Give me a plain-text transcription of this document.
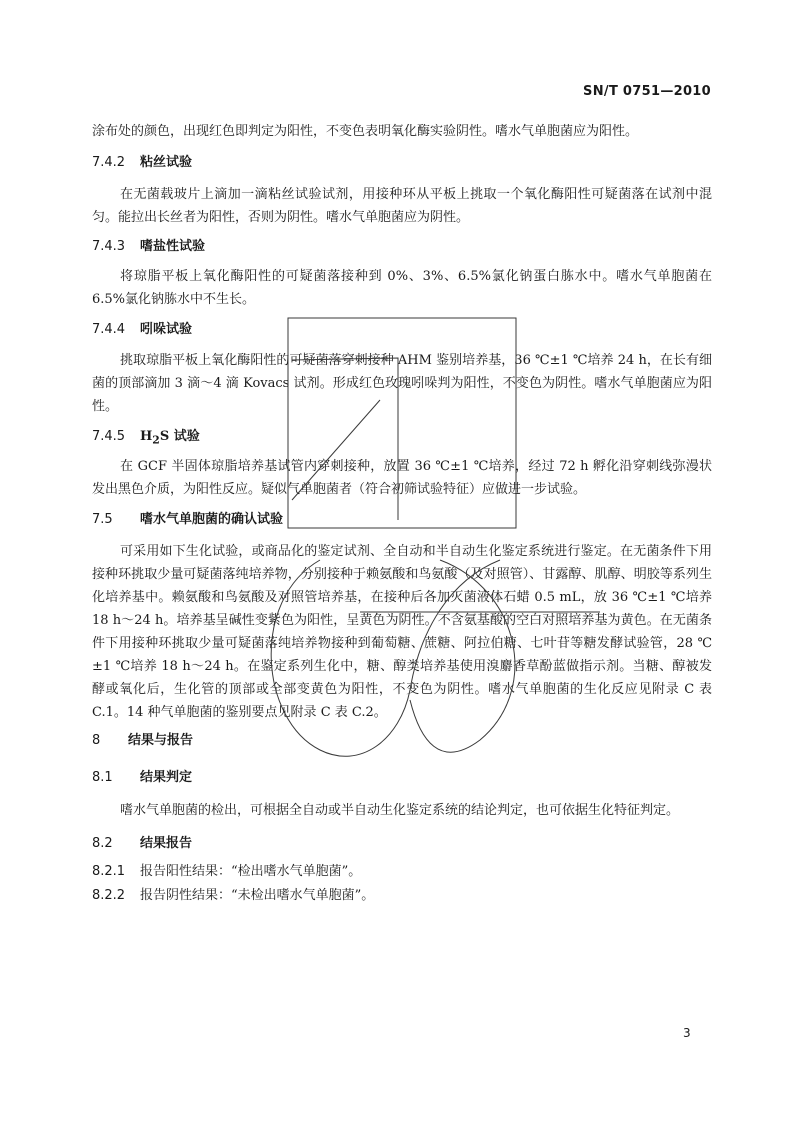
SN/T 0751—2010
涂布处的颜色，出现红色即判定为阳性，不变色表明氧化酶实验阴性。嗜水气单胞菌应为阳性。
7.4.2 粘丝试验
在无菌载玻片上滴加一滴粘丝试验试剂，用接种环从平板上挑取一个氧化酶阳性可疑菌落在试剂中混匀。能拉出长丝者为阳性，否则为阴性。嗜水气单胞菌应为阴性。
7.4.3 嗜盐性试验
将琼脂平板上氧化酶阳性的可疑菌落接种到 0%、3%、6.5%氯化钠蛋白胨水中。嗜水气单胞菌在 6.5%氯化钠胨水中不生长。
7.4.4 吲哚试验
挑取琼脂平板上氧化酶阳性的可疑菌落穿刺接种 AHM 鉴别培养基，36 ℃±1 ℃培养 24 h，在长有细菌的顶部滴加 3 滴～4 滴 Kovacs 试剂。形成红色玫瑰吲哚判为阳性，不变色为阴性。嗜水气单胞菌应为阳性。
7.4.5 $H_2S$ 试验
在 GCF 半固体琼脂培养基试管内穿刺接种，放置 36 ℃±1 ℃培养，经过 72 h 孵化沿穿刺线弥漫状发出黑色介质，为阳性反应。疑似气单胞菌者（符合初筛试验特征）应做进一步试验。
7.5 嗜水气单胞菌的确认试验
可采用如下生化试验，或商品化的鉴定试剂、全自动和半自动生化鉴定系统进行鉴定。在无菌条件下用接种环挑取少量可疑菌落纯培养物，分别接种于赖氨酸和鸟氨酸（及对照管）、甘露醇、肌醇、明胶等系列生化培养基中。赖氨酸和鸟氨酸及对照管培养基，在接种后各加灭菌液体石蜡 0.5 mL，放 36 ℃±1 ℃培养 18 h～24 h。培养基呈碱性变紫色为阳性，呈黄色为阴性。不含氨基酸的空白对照培养基为黄色。在无菌条件下用接种环挑取少量可疑菌落纯培养物接种到葡萄糖、蔗糖、阿拉伯糖、七叶苷等糖发酵试验管，28 ℃±1 ℃培养 18 h～24 h。在鉴定系列生化中，糖、醇类培养基使用溴麝香草酚蓝做指示剂。当糖、醇被发酵或氧化后，生化管的顶部或全部变黄色为阳性，不变色为阴性。嗜水气单胞菌的生化反应见附录 C 表 C.1。14 种气单胞菌的鉴别要点见附录 C 表 C.2。
8 结果与报告
8.1 结果判定
嗜水气单胞菌的检出，可根据全自动或半自动生化鉴定系统的结论判定，也可依据生化特征判定。
8.2 结果报告
8.2.1 报告阳性结果：“检出嗜水气单胞菌”。
8.2.2 报告阴性结果：“未检出嗜水气单胞菌”。
3
